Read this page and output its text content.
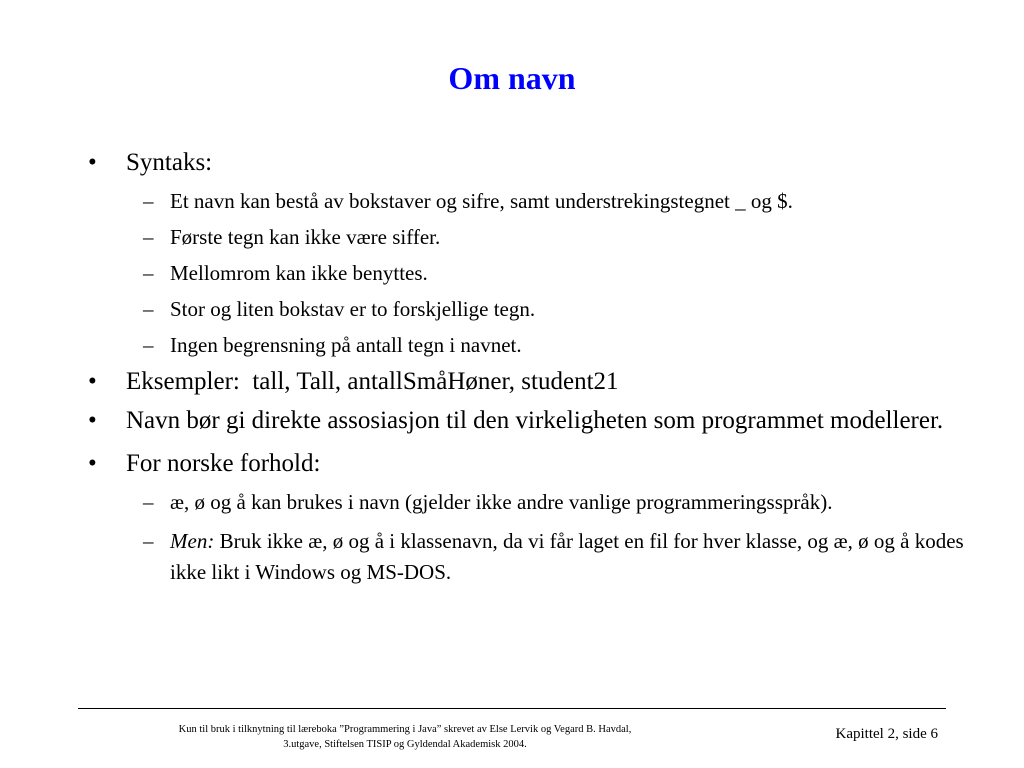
Om navn
• Syntaks:
– Et navn kan bestå av bokstaver og sifre, samt understrekingstegnet _ og $.
– Første tegn kan ikke være siffer.
– Mellomrom kan ikke benyttes.
– Stor og liten bokstav er to forskjellige tegn.
– Ingen begrensning på antall tegn i navnet.
• Eksempler:  tall, Tall, antallSmåHøner, student21
• Navn bør gi direkte assosiasjon til den virkeligheten som programmet modellerer.
• For norske forhold:
– æ, ø og å kan brukes i navn (gjelder ikke andre vanlige programmeringsspråk).
– Men: Bruk ikke æ, ø og å i klassenavn, da vi får laget en fil for hver klasse, og æ, ø og å kodes ikke likt i Windows og MS-DOS.
Kun til bruk i tilknytning til læreboka ”Programmering i Java” skrevet av Else Lervik og Vegard B. Havdal,
3.utgave, Stiftelsen TISIP og Gyldendal Akademisk 2004.
Kapittel 2, side 6
